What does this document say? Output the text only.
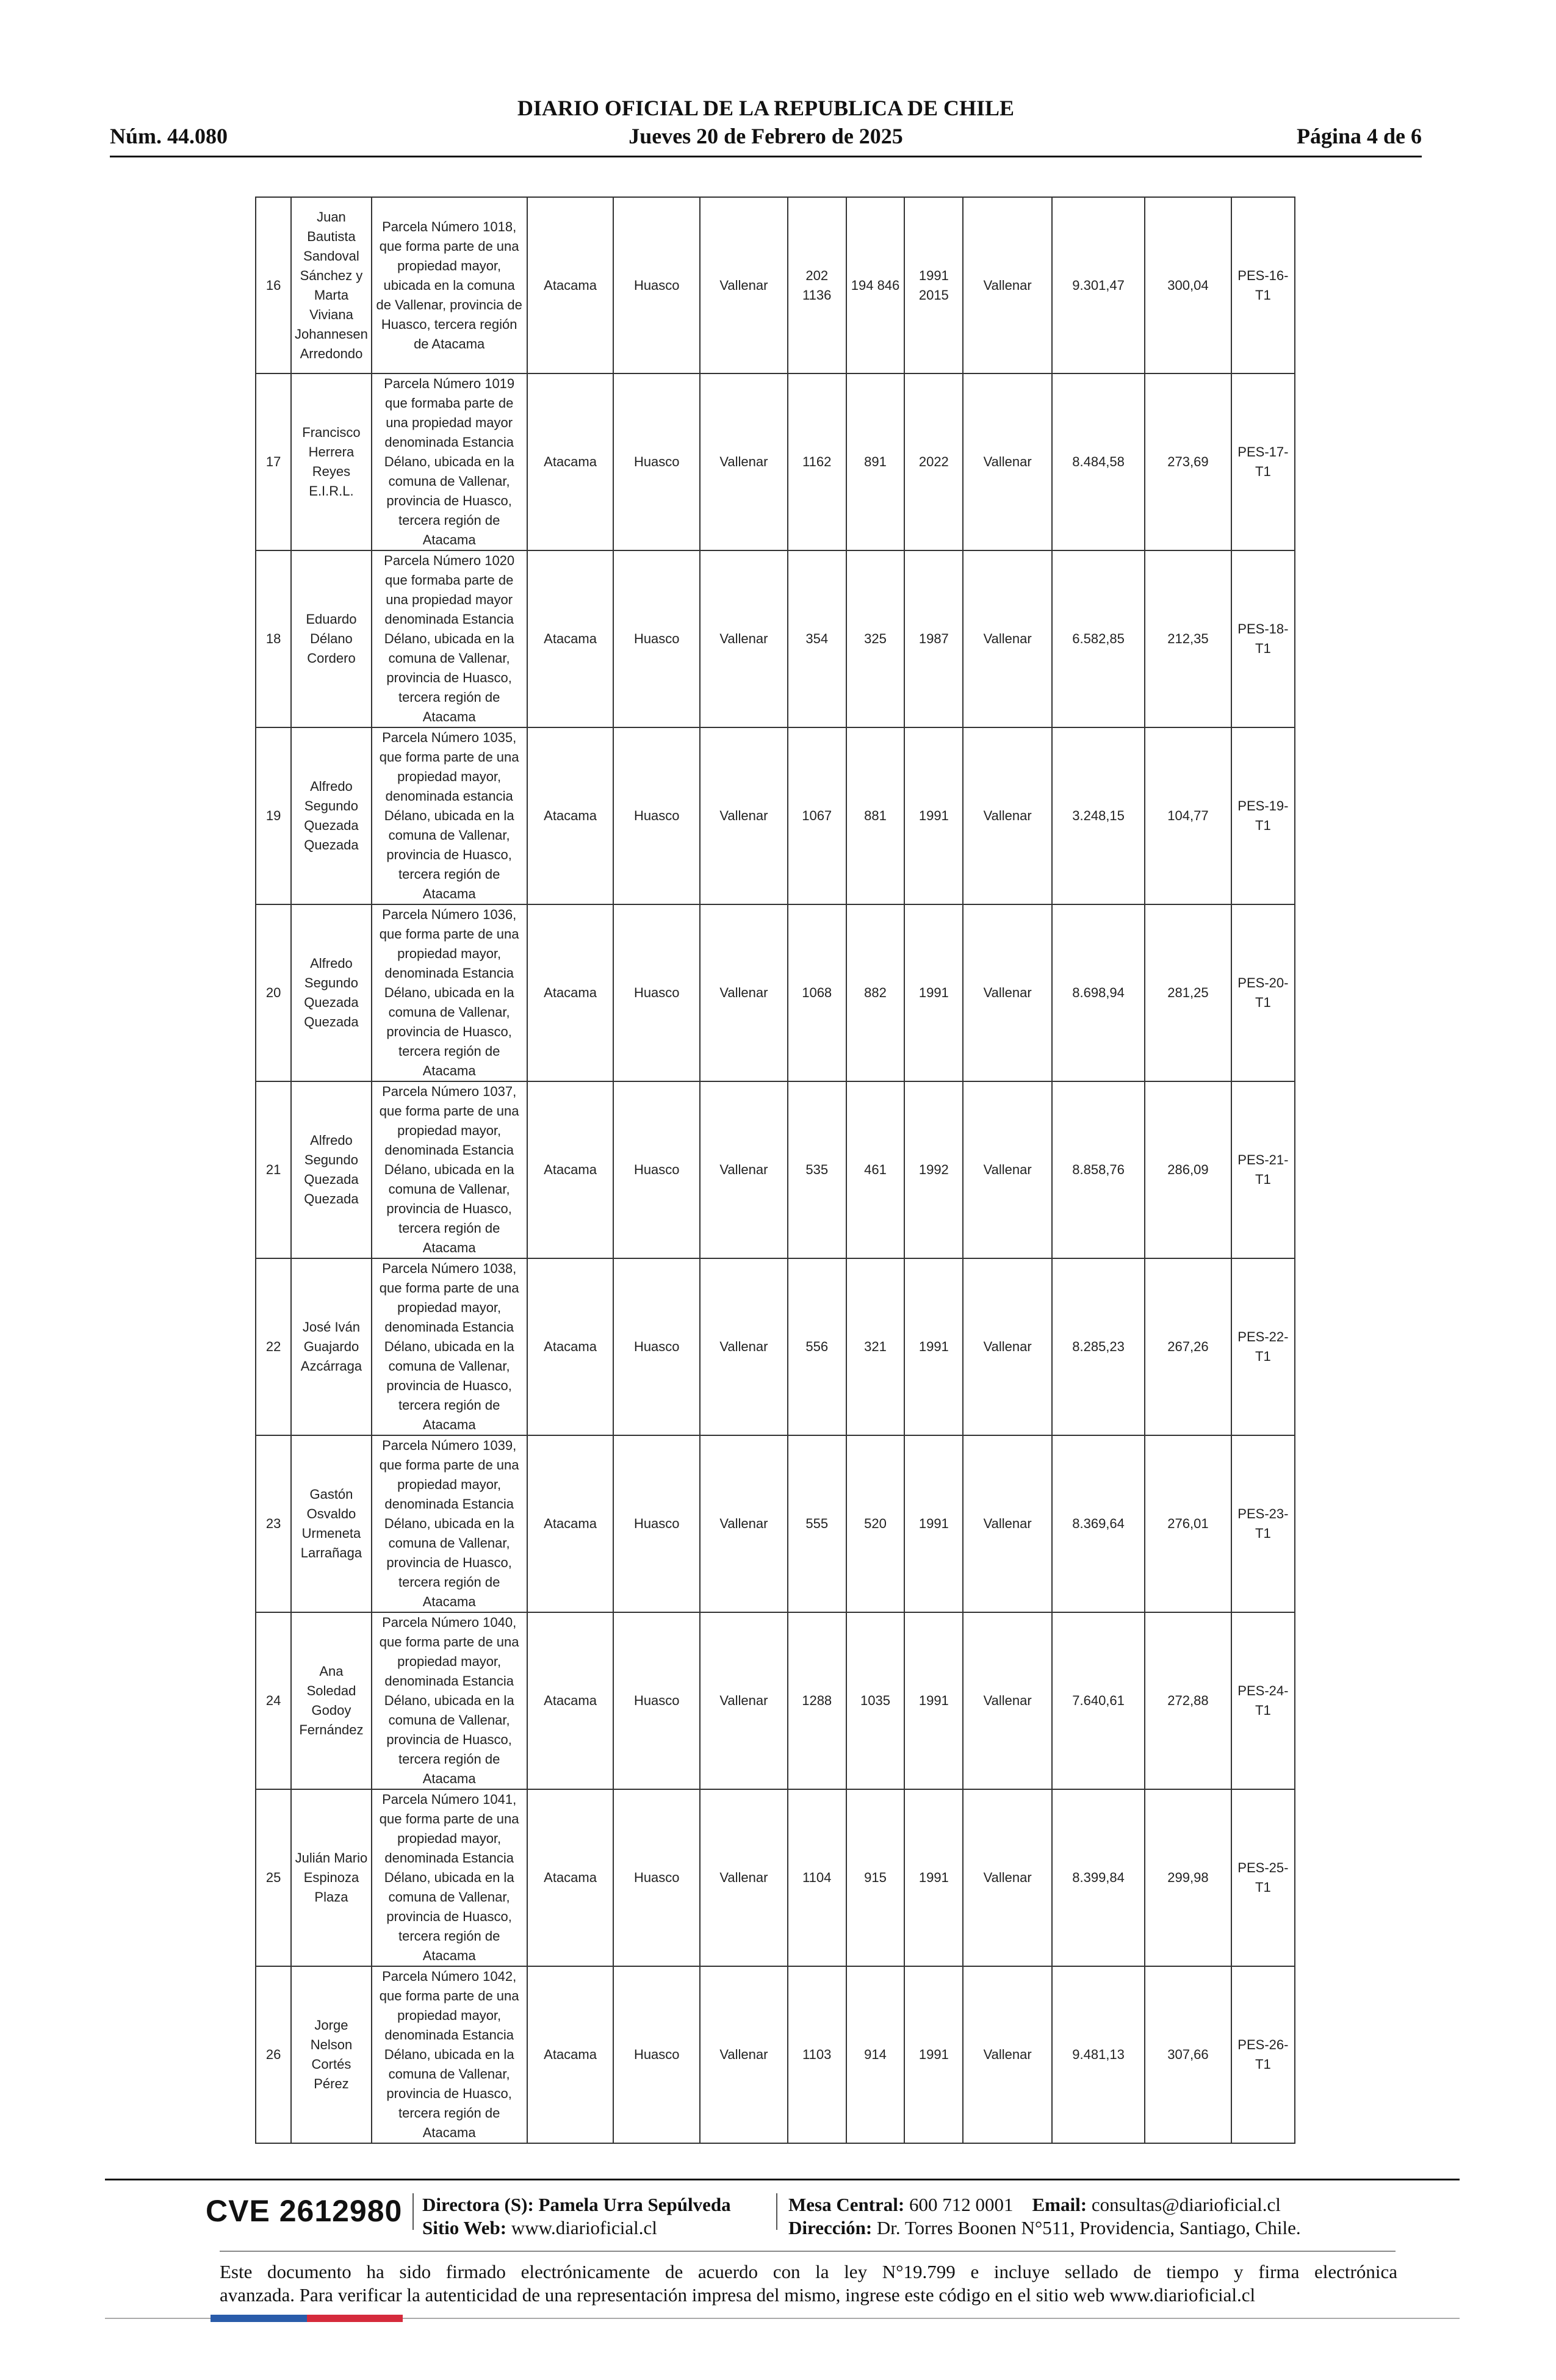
DIARIO OFICIAL DE LA REPUBLICA DE CHILE
Núm. 44.080	Jueves 20 de Febrero de 2025	Página 4 de 6
16	Juan Bautista Sandoval Sánchez y Marta Viviana Johannesen Arredondo	Parcela Número 1018, que forma parte de una propiedad mayor, ubicada en la comuna de Vallenar, provincia de Huasco, tercera región de Atacama	Atacama	Huasco	Vallenar	202 1136	194 846	1991 2015	Vallenar	9.301,47	300,04	PES-16-T1
17	Francisco Herrera Reyes E.I.R.L.	Parcela Número 1019 que formaba parte de una propiedad mayor denominada Estancia Délano, ubicada en la comuna de Vallenar, provincia de Huasco, tercera región de Atacama	Atacama	Huasco	Vallenar	1162	891	2022	Vallenar	8.484,58	273,69	PES-17-T1
18	Eduardo Délano Cordero	Parcela Número 1020 que formaba parte de una propiedad mayor denominada Estancia Délano, ubicada en la comuna de Vallenar, provincia de Huasco, tercera región de Atacama	Atacama	Huasco	Vallenar	354	325	1987	Vallenar	6.582,85	212,35	PES-18-T1
19	Alfredo Segundo Quezada Quezada	Parcela Número 1035, que forma parte de una propiedad mayor, denominada estancia Délano, ubicada en la comuna de Vallenar, provincia de Huasco, tercera región de Atacama	Atacama	Huasco	Vallenar	1067	881	1991	Vallenar	3.248,15	104,77	PES-19-T1
20	Alfredo Segundo Quezada Quezada	Parcela Número 1036, que forma parte de una propiedad mayor, denominada Estancia Délano, ubicada en la comuna de Vallenar, provincia de Huasco, tercera región de Atacama	Atacama	Huasco	Vallenar	1068	882	1991	Vallenar	8.698,94	281,25	PES-20-T1
21	Alfredo Segundo Quezada Quezada	Parcela Número 1037, que forma parte de una propiedad mayor, denominada Estancia Délano, ubicada en la comuna de Vallenar, provincia de Huasco, tercera región de Atacama	Atacama	Huasco	Vallenar	535	461	1992	Vallenar	8.858,76	286,09	PES-21-T1
22	José Iván Guajardo Azcárraga	Parcela Número 1038, que forma parte de una propiedad mayor, denominada Estancia Délano, ubicada en la comuna de Vallenar, provincia de Huasco, tercera región de Atacama	Atacama	Huasco	Vallenar	556	321	1991	Vallenar	8.285,23	267,26	PES-22-T1
23	Gastón Osvaldo Urmeneta Larrañaga	Parcela Número 1039, que forma parte de una propiedad mayor, denominada Estancia Délano, ubicada en la comuna de Vallenar, provincia de Huasco, tercera región de Atacama	Atacama	Huasco	Vallenar	555	520	1991	Vallenar	8.369,64	276,01	PES-23-T1
24	Ana Soledad Godoy Fernández	Parcela Número 1040, que forma parte de una propiedad mayor, denominada Estancia Délano, ubicada en la comuna de Vallenar, provincia de Huasco, tercera región de Atacama	Atacama	Huasco	Vallenar	1288	1035	1991	Vallenar	7.640,61	272,88	PES-24-T1
25	Julián Mario Espinoza Plaza	Parcela Número 1041, que forma parte de una propiedad mayor, denominada Estancia Délano, ubicada en la comuna de Vallenar, provincia de Huasco, tercera región de Atacama	Atacama	Huasco	Vallenar	1104	915	1991	Vallenar	8.399,84	299,98	PES-25-T1
26	Jorge Nelson Cortés Pérez	Parcela Número 1042, que forma parte de una propiedad mayor, denominada Estancia Délano, ubicada en la comuna de Vallenar, provincia de Huasco, tercera región de Atacama	Atacama	Huasco	Vallenar	1103	914	1991	Vallenar	9.481,13	307,66	PES-26-T1
CVE 2612980 Directora (S): Pamela Urra Sepúlveda
Sitio Web: www.diarioficial.cl
Mesa Central: 600 712 0001 Email: consultas@diarioficial.cl
Dirección: Dr. Torres Boonen N°511, Providencia, Santiago, Chile.
Este documento ha sido firmado electrónicamente de acuerdo con la ley N°19.799 e incluye sellado de tiempo y firma electrónica
avanzada. Para verificar la autenticidad de una representación impresa del mismo, ingrese este código en el sitio web www.diarioficial.cl
